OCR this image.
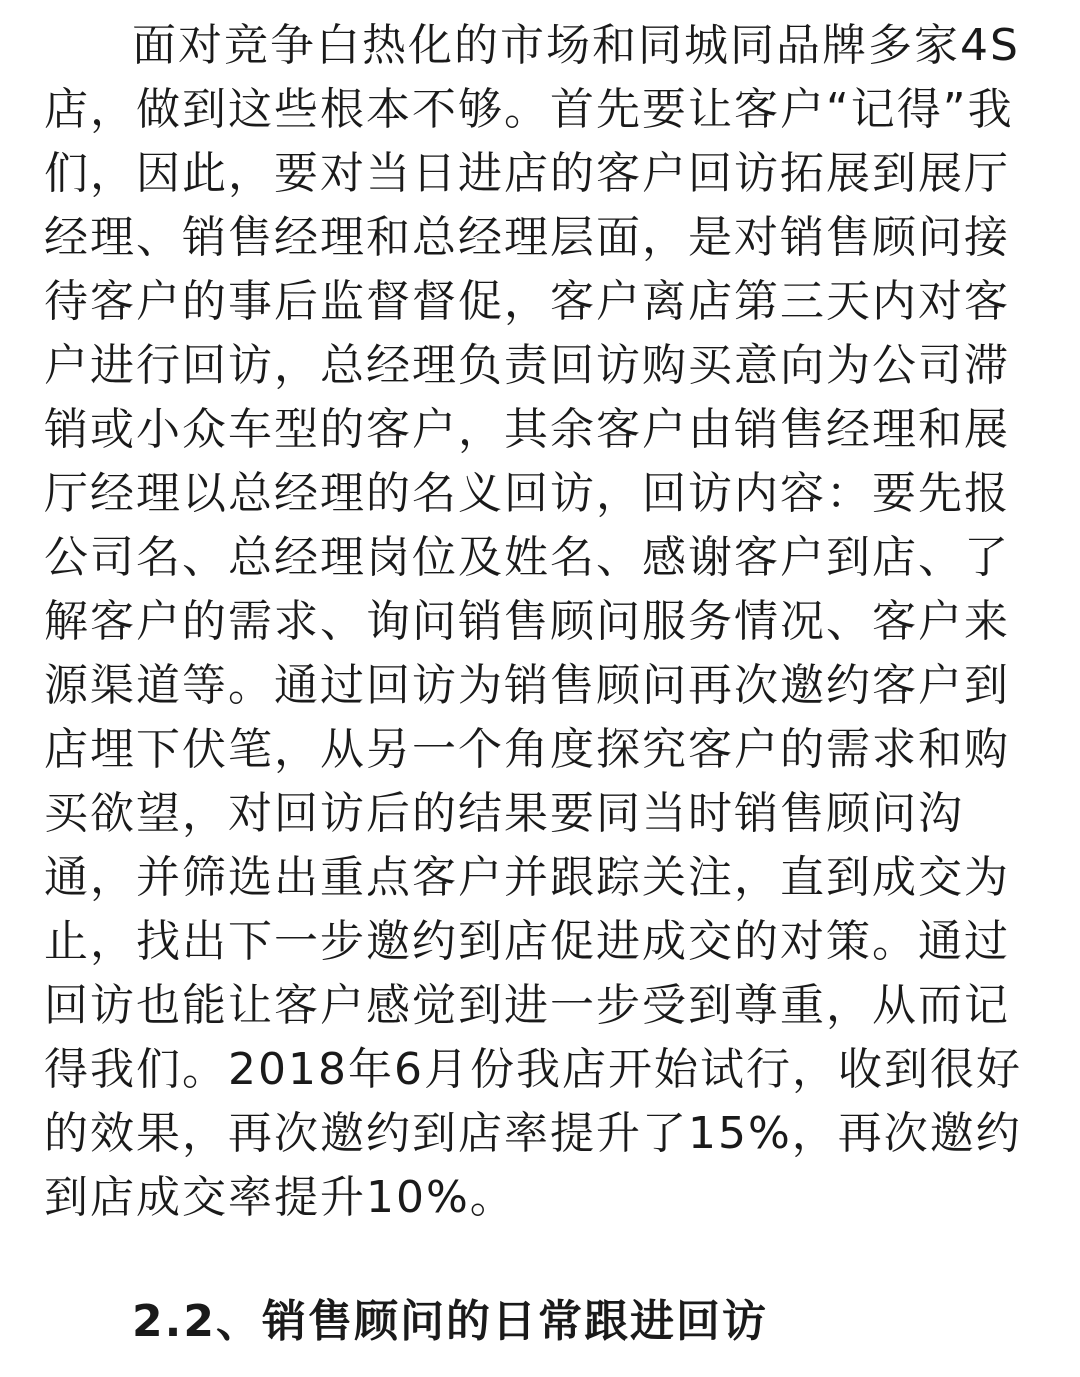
面对竞争白热化的市场和同城同品牌多家4S
店，做到这些根本不够。首先要让客户“记得”我
们，因此，要对当日进店的客户回访拓展到展厅
经理、销售经理和总经理层面，是对销售顾问接
待客户的事后监督督促，客户离店第三天内对客
户进行回访，总经理负责回访购买意向为公司滞
销或小众车型的客户，其余客户由销售经理和展
厅经理以总经理的名义回访，回访内容：要先报
公司名、总经理岗位及姓名、感谢客户到店、了
解客户的需求、询问销售顾问服务情况、客户来
源渠道等。通过回访为销售顾问再次邀约客户到
店埋下伏笔，从另一个角度探究客户的需求和购
买欲望，对回访后的结果要同当时销售顾问沟
通，并筛选出重点客户并跟踪关注，直到成交为
止，找出下一步邀约到店促进成交的对策。通过
回访也能让客户感觉到进一步受到尊重，从而记
得我们。2018年6月份我店开始试行，收到很好
的效果，再次邀约到店率提升了15%，再次邀约
到店成交率提升10%。
2.2、销售顾问的日常跟进回访
